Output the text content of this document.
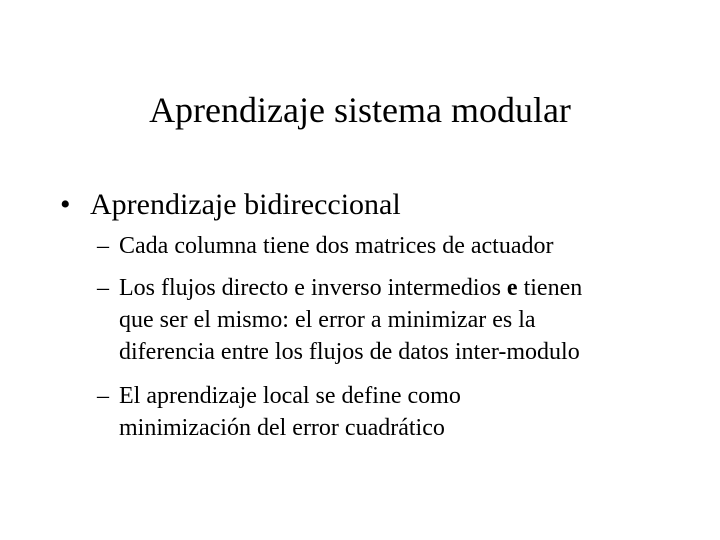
Aprendizaje sistema modular
• Aprendizaje bidireccional
– Cada columna tiene dos matrices de actuador
– Los flujos directo e inverso intermedios e tienen
que ser el mismo: el error a minimizar es la
diferencia entre los flujos de datos inter-modulo
– El aprendizaje local se define como
minimización del error cuadrático
